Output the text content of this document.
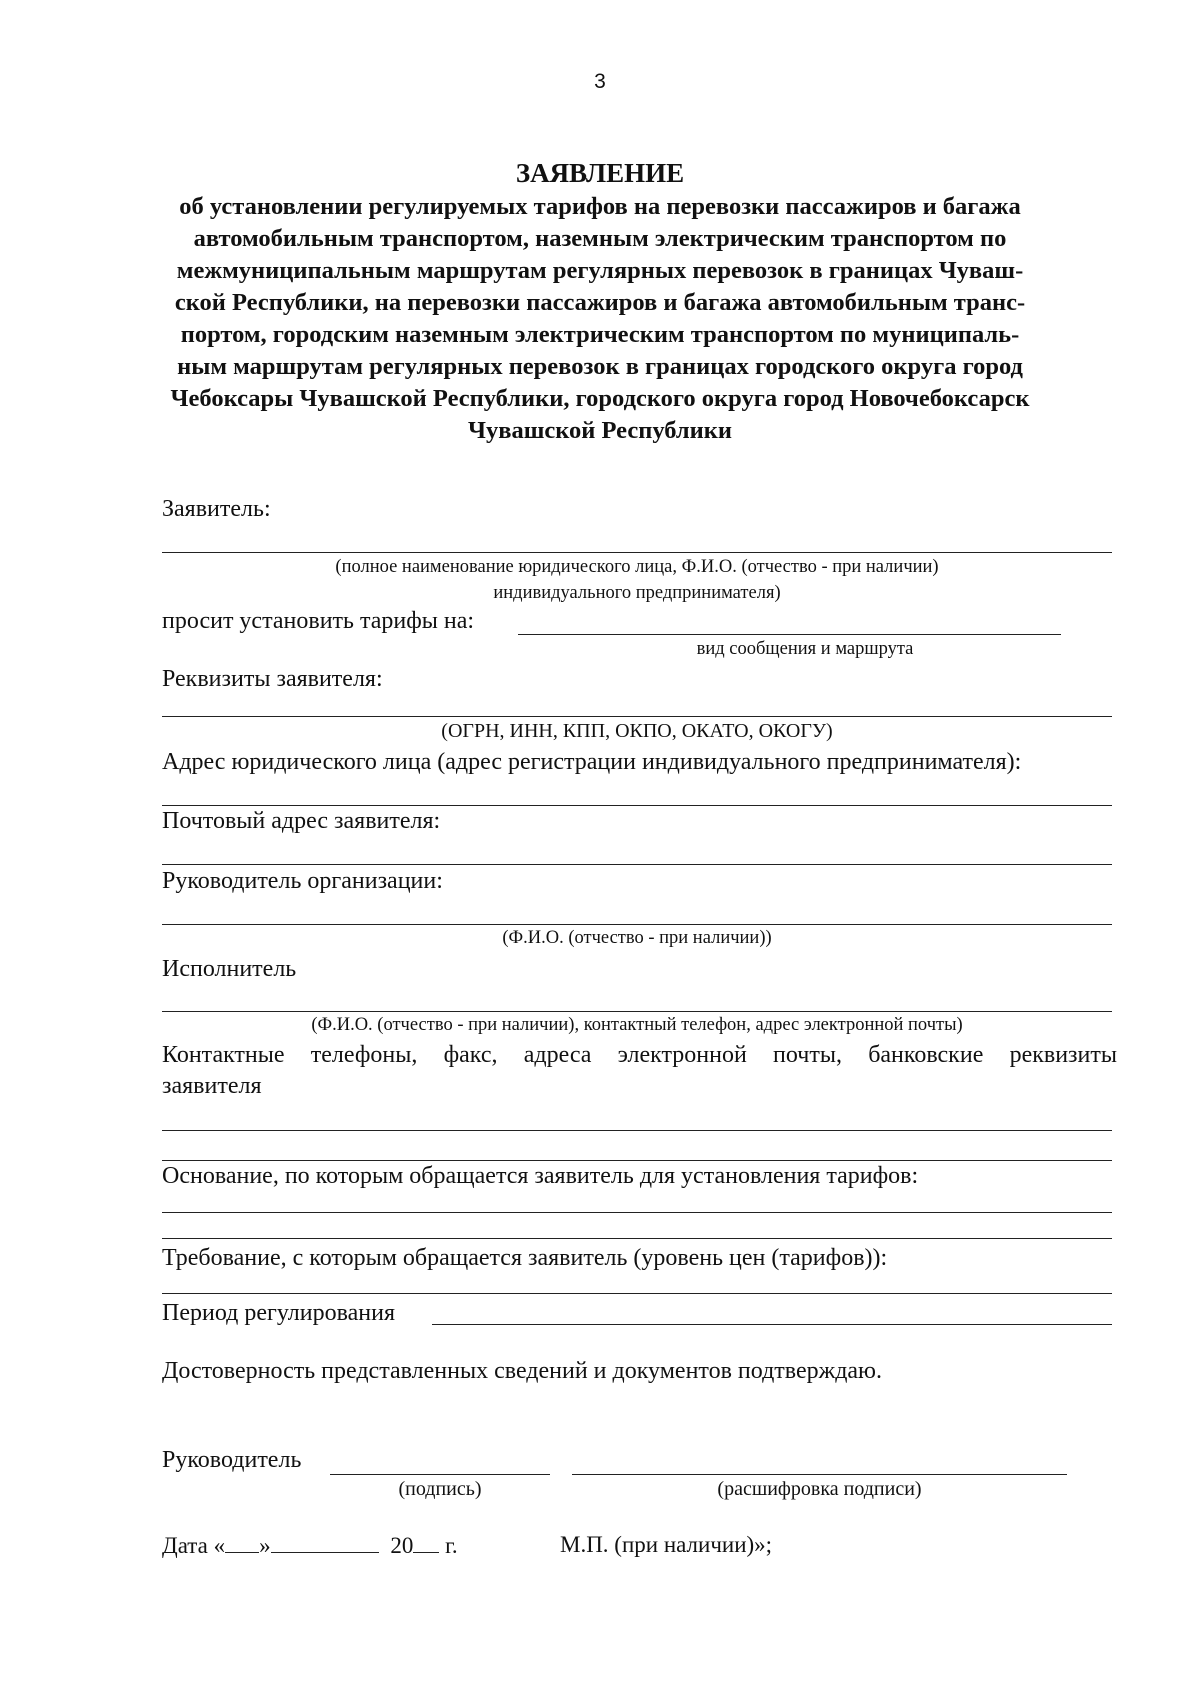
3
ЗАЯВЛЕНИЕ
об установлении регулируемых тарифов на перевозки пассажиров и багажа
автомобильным транспортом, наземным электрическим транспортом по
межмуниципальным маршрутам регулярных перевозок в границах Чуваш-
ской Республики, на перевозки пассажиров и багажа автомобильным транс-
портом, городским наземным электрическим транспортом по муниципаль-
ным маршрутам регулярных перевозок в границах городского округа город
Чебоксары Чувашской Республики, городского округа город Новочебоксарск
Чувашской Республики
Заявитель:
(полное наименование юридического лица, Ф.И.О. (отчество - при наличии)
индивидуального предпринимателя)
просит установить тарифы на:
вид сообщения и маршрута
Реквизиты заявителя:
(ОГРН, ИНН, КПП, ОКПО, ОКАТО, ОКОГУ)
Адрес юридического лица (адрес регистрации индивидуального предпринимателя):
Почтовый адрес заявителя:
Руководитель организации:
(Ф.И.О. (отчество - при наличии))
Исполнитель
(Ф.И.О. (отчество - при наличии), контактный телефон, адрес электронной почты)
Контактные телефоны, факс, адреса электронной почты, банковские реквизиты
заявителя
Основание, по которым обращается заявитель для установления тарифов:
Требование, с которым обращается заявитель (уровень цен (тарифов)):
Период регулирования
Достоверность представленных сведений и документов подтверждаю.
Руководитель
(подпись)	(расшифровка подписи)
Дата « »	20 г.	М.П. (при наличии)»;
